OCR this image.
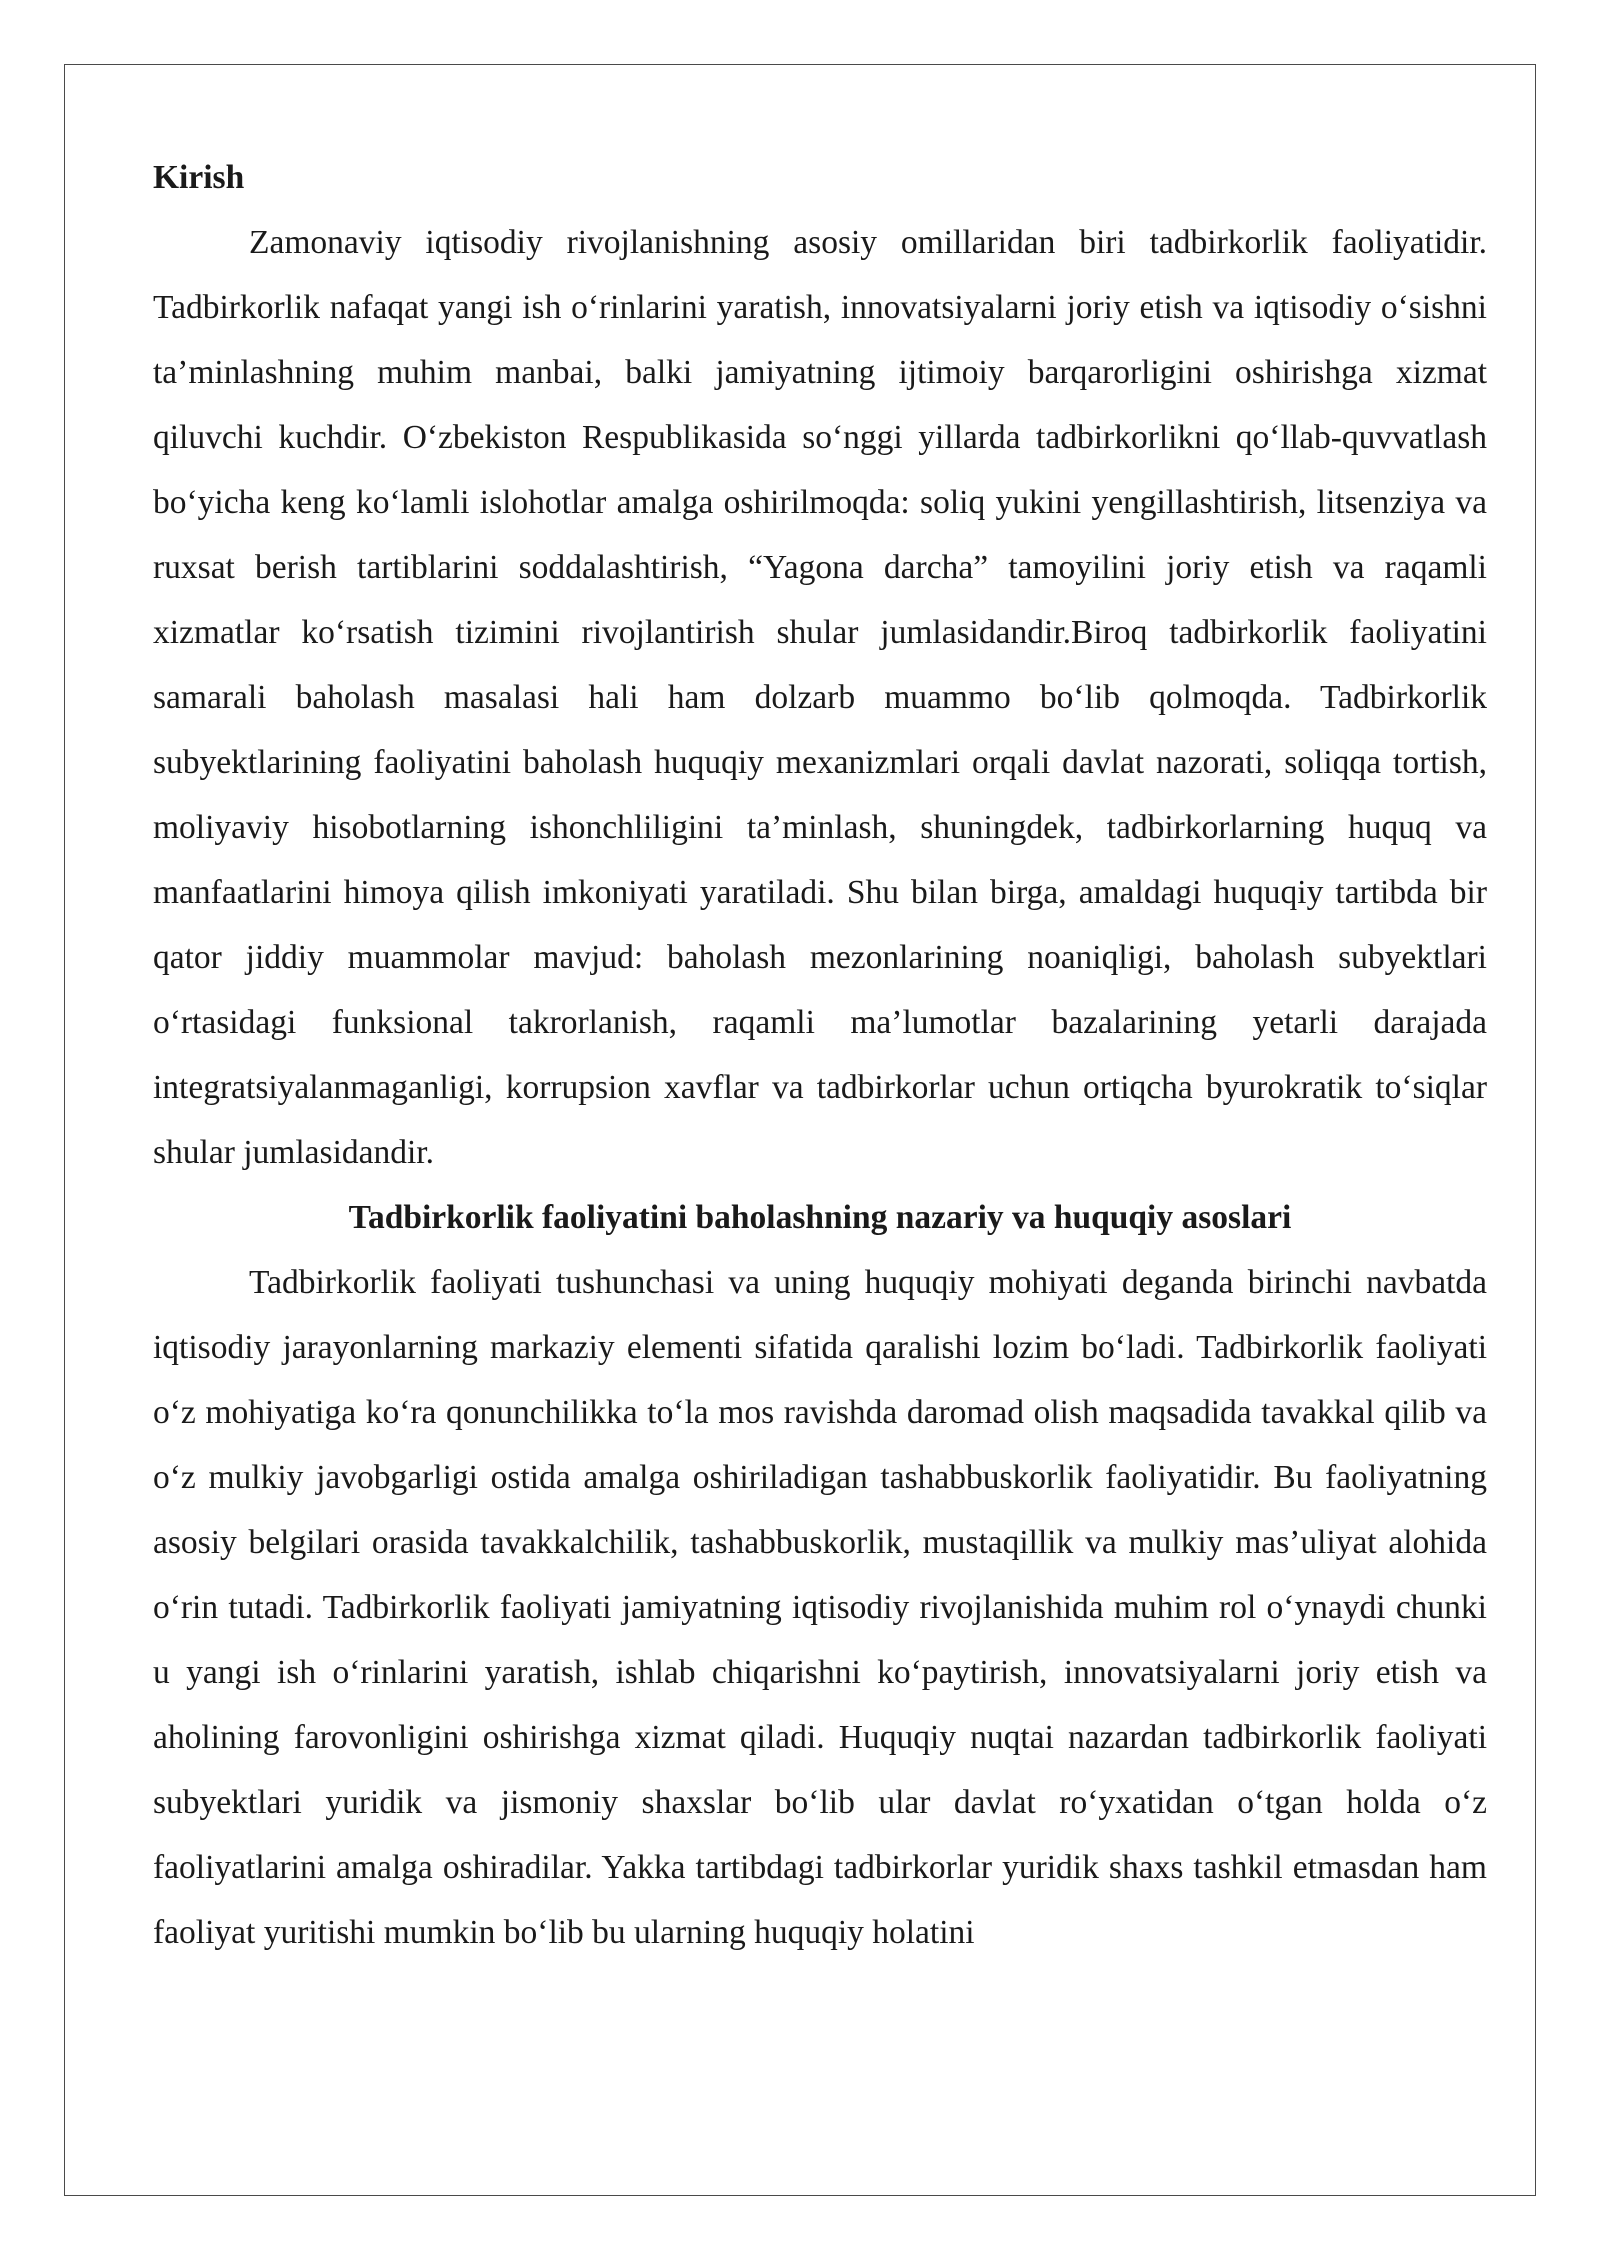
Kirish

Zamonaviy iqtisodiy rivojlanishning asosiy omillaridan biri tadbirkorlik faoliyatidir. Tadbirkorlik nafaqat yangi ish o‘rinlarini yaratish, innovatsiyalarni joriy etish va iqtisodiy o‘sishni ta’minlashning muhim manbai, balki jamiyatning ijtimoiy barqarorligini oshirishga xizmat qiluvchi kuchdir. O‘zbekiston Respublikasida so‘nggi yillarda tadbirkorlikni qo‘llab-quvvatlash bo‘yicha keng ko‘lamli islohotlar amalga oshirilmoqda: soliq yukini yengillashtirish, litsenziya va ruxsat berish tartiblarini soddalashtirish, “Yagona darcha” tamoyilini joriy etish va raqamli xizmatlar ko‘rsatish tizimini rivojlantirish shular jumlasidandir.Biroq tadbirkorlik faoliyatini samarali baholash masalasi hali ham dolzarb muammo bo‘lib qolmoqda. Tadbirkorlik subyektlarining faoliyatini baholash huquqiy mexanizmlari orqali davlat nazorati, soliqqa tortish, moliyaviy hisobotlarning ishonchliligini ta’minlash, shuningdek, tadbirkorlarning huquq va manfaatlarini himoya qilish imkoniyati yaratiladi. Shu bilan birga, amaldagi huquqiy tartibda bir qator jiddiy muammolar mavjud: baholash mezonlarining noaniqligi, baholash subyektlari o‘rtasidagi funksional takrorlanish, raqamli ma’lumotlar bazalarining yetarli darajada integratsiyalanmaganligi, korrupsion xavflar va tadbirkorlar uchun ortiqcha byurokratik to‘siqlar shular jumlasidandir.

Tadbirkorlik faoliyatini baholashning nazariy va huquqiy asoslari

Tadbirkorlik faoliyati tushunchasi va uning huquqiy mohiyati deganda birinchi navbatda iqtisodiy jarayonlarning markaziy elementi sifatida qaralishi lozim bo‘ladi. Tadbirkorlik faoliyati o‘z mohiyatiga ko‘ra qonunchilikka to‘la mos ravishda daromad olish maqsadida tavakkal qilib va o‘z mulkiy javobgarligi ostida amalga oshiriladigan tashabbuskorlik faoliyatidir. Bu faoliyatning asosiy belgilari orasida tavakkalchilik, tashabbuskorlik, mustaqillik va mulkiy mas’uliyat alohida o‘rin tutadi. Tadbirkorlik faoliyati jamiyatning iqtisodiy rivojlanishida muhim rol o‘ynaydi chunki u yangi ish o‘rinlarini yaratish, ishlab chiqarishni ko‘paytirish, innovatsiyalarni joriy etish va aholining farovonligini oshirishga xizmat qiladi. Huquqiy nuqtai nazardan tadbirkorlik faoliyati subyektlari yuridik va jismoniy shaxslar bo‘lib ular davlat ro‘yxatidan o‘tgan holda o‘z faoliyatlarini amalga oshiradilar. Yakka tartibdagi tadbirkorlar yuridik shaxs tashkil etmasdan ham faoliyat yuritishi mumkin bo‘lib bu ularning huquqiy holatini
